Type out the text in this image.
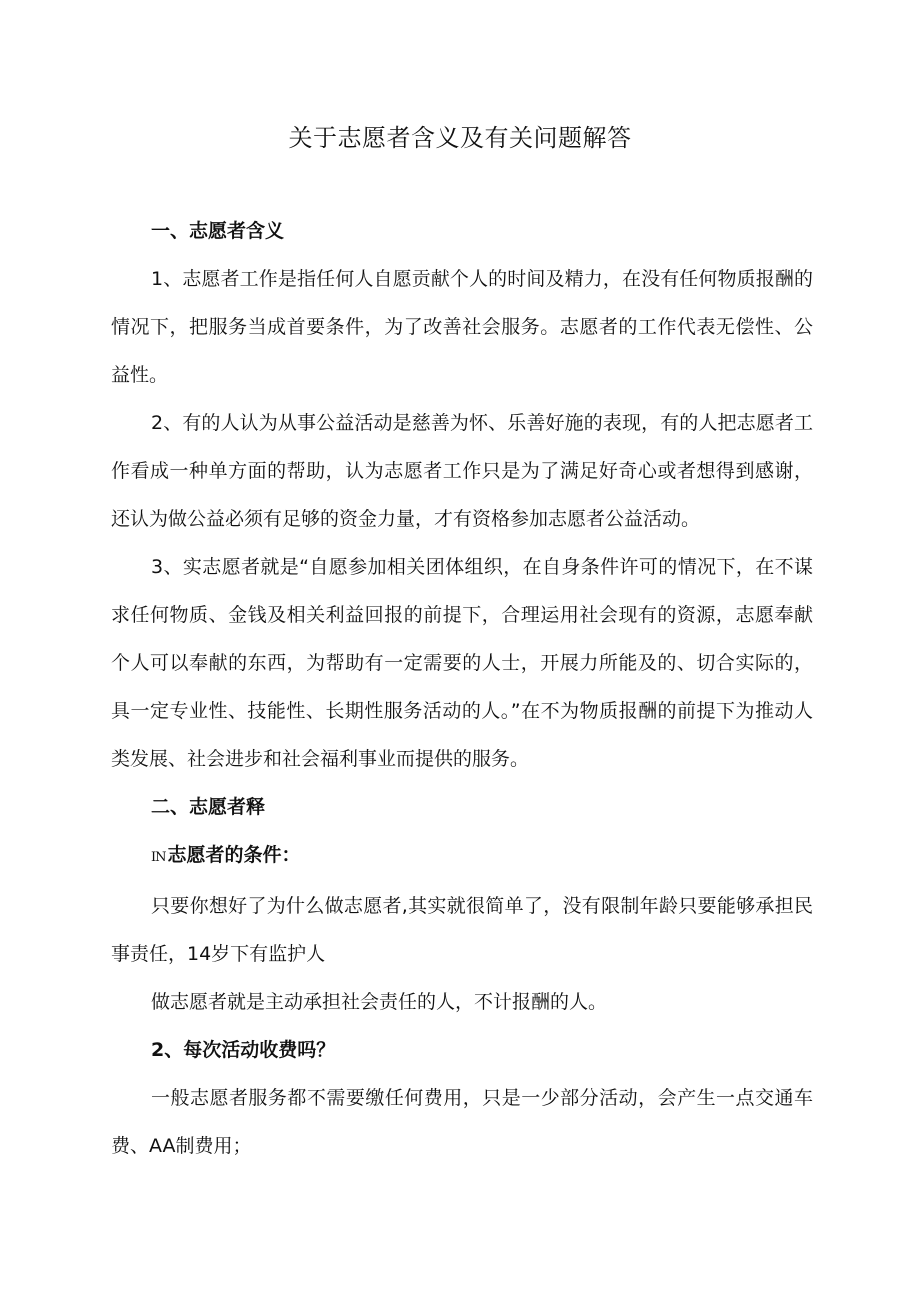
关于志愿者含义及有关问题解答

一、志愿者含义

1、志愿者工作是指任何人自愿贡献个人的时间及精力，在没有任何物质报酬的情况下，把服务当成首要条件，为了改善社会服务。志愿者的工作代表无偿性、公益性。

2、有的人认为从事公益活动是慈善为怀、乐善好施的表现，有的人把志愿者工作看成一种单方面的帮助，认为志愿者工作只是为了满足好奇心或者想得到感谢，还认为做公益必须有足够的资金力量，才有资格参加志愿者公益活动。

3、实志愿者就是“自愿参加相关团体组织，在自身条件许可的情况下，在不谋求任何物质、金钱及相关利益回报的前提下，合理运用社会现有的资源，志愿奉献个人可以奉献的东西，为帮助有一定需要的人士，开展力所能及的、切合实际的，具一定专业性、技能性、长期性服务活动的人。”在不为物质报酬的前提下为推动人类发展、社会进步和社会福利事业而提供的服务。

二、志愿者释

IN 志愿者的条件：

只要你想好了为什么做志愿者,其实就很简单了，没有限制年龄只要能够承担民事责任，14岁下有监护人

做志愿者就是主动承担社会责任的人，不计报酬的人。

2、每次活动收费吗？

一般志愿者服务都不需要缴任何费用，只是一少部分活动，会产生一点交通车费、AA制费用；
